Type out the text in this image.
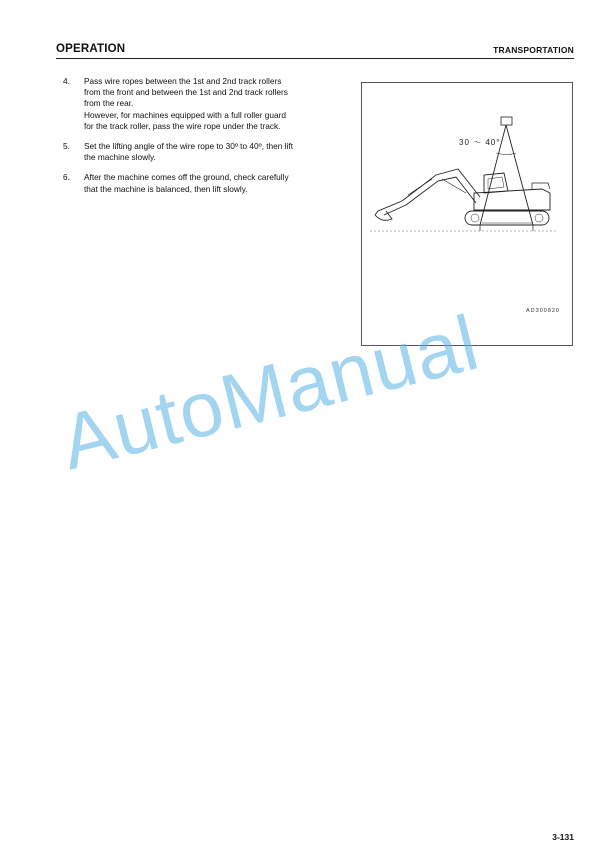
OPERATION	TRANSPORTATION
4. Pass wire ropes between the 1st and 2nd track rollers
from the front and between the 1st and 2nd track rollers
from the rear.
However, for machines equipped with a full roller guard
for the track roller, pass the wire rope under the track.
5. Set the lifting angle of the wire rope to 30º to 40º, then lift
the machine slowly.
6. After the machine comes off the ground, check carefully
that the machine is balanced, then lift slowly.
30 ～ 40°
AD300820
AutoManual
3-131
